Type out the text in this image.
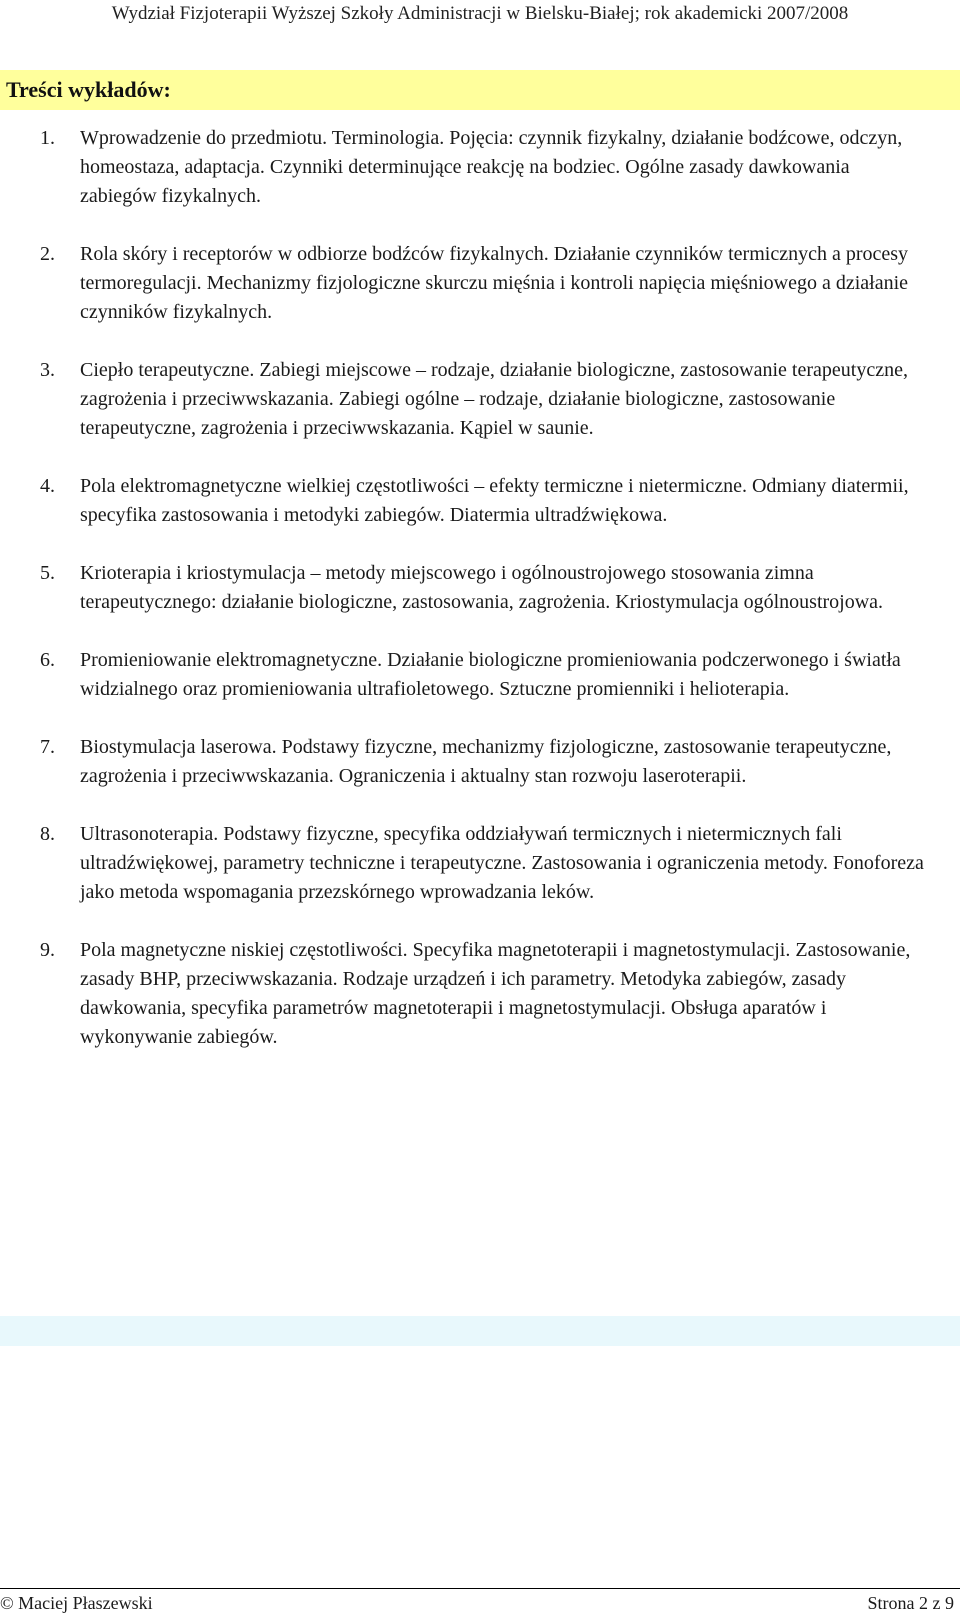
Wydział Fizjoterapii Wyższej Szkoły Administracji w Bielsku-Białej; rok akademicki 2007/2008
Treści wykładów:
1. Wprowadzenie do przedmiotu. Terminologia. Pojęcia: czynnik fizykalny, działanie bodźcowe, odczyn, homeostaza, adaptacja. Czynniki determinujące reakcję na bodziec. Ogólne zasady dawkowania zabiegów fizykalnych.
2. Rola skóry i receptorów w odbiorze bodźców fizykalnych. Działanie czynników termicznych a procesy termoregulacji. Mechanizmy fizjologiczne skurczu mięśnia i kontroli napięcia mięśniowego a działanie czynników fizykalnych.
3. Ciepło terapeutyczne. Zabiegi miejscowe – rodzaje, działanie biologiczne, zastosowanie terapeutyczne, zagrożenia i przeciwwskazania. Zabiegi ogólne – rodzaje, działanie biologiczne, zastosowanie terapeutyczne, zagrożenia i przeciwwskazania. Kąpiel w saunie.
4. Pola elektromagnetyczne wielkiej częstotliwości – efekty termiczne i nietermiczne. Odmiany diatermii, specyfika zastosowania i metodyki zabiegów. Diatermia ultradźwiękowa.
5. Krioterapia i kriostymulacja – metody miejscowego i ogólnoustrojowego stosowania zimna terapeutycznego: działanie biologiczne, zastosowania, zagrożenia. Kriostymulacja ogólnoustrojowa.
6. Promieniowanie elektromagnetyczne. Działanie biologiczne promieniowania podczerwonego i światła widzialnego oraz promieniowania ultrafioletowego. Sztuczne promienniki i helioterapia.
7. Biostymulacja laserowa. Podstawy fizyczne, mechanizmy fizjologiczne, zastosowanie terapeutyczne, zagrożenia i przeciwwskazania. Ograniczenia i aktualny stan rozwoju laseroterapii.
8. Ultrasonoterapia. Podstawy fizyczne, specyfika oddziaływań termicznych i nietermicznych fali ultradźwiękowej, parametry techniczne i terapeutyczne. Zastosowania i ograniczenia metody. Fonoforeza jako metoda wspomagania przezskórnego wprowadzania leków.
9. Pola magnetyczne niskiej częstotliwości. Specyfika magnetoterapii i magnetostymulacji. Zastosowanie, zasady BHP, przeciwwskazania. Rodzaje urządzeń i ich parametry. Metodyka zabiegów, zasady dawkowania, specyfika parametrów magnetoterapii i magnetostymulacji. Obsługa aparatów i wykonywanie zabiegów.
© Maciej Płaszewski	Strona 2 z 9
